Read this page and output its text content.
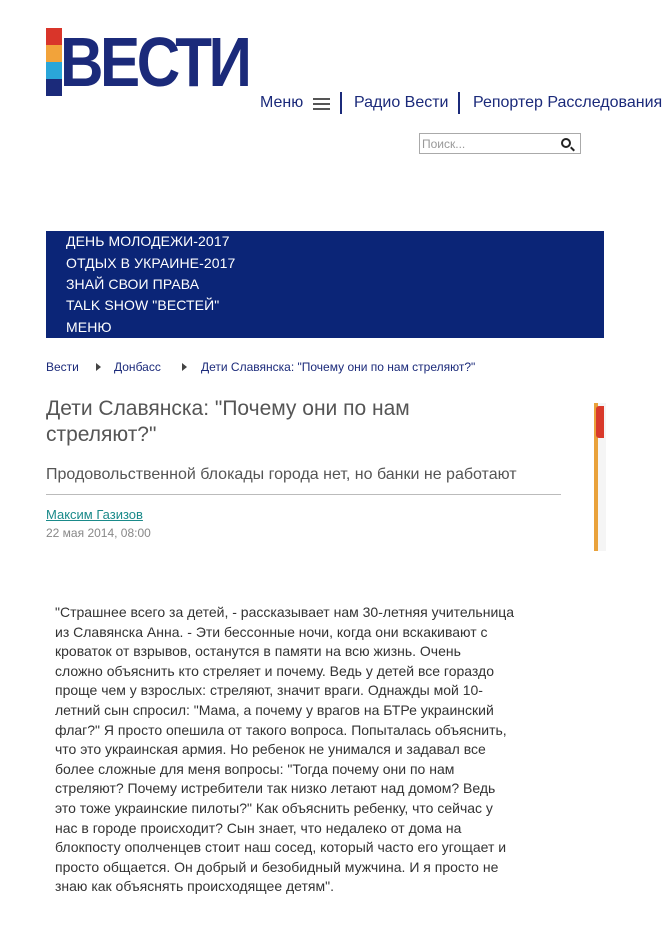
ВЕСТИ
Меню	Радио Вести Репортер Расследования
Поиск...
ДЕНЬ МОЛОДЕЖИ-2017
ОТДЫХ В УКРАИНЕ-2017
ЗНАЙ СВОИ ПРАВА
TALK SHOW "ВЕСТЕЙ"
МЕНЮ
Вести	Донбасс	Дети Славянска: "Почему они по нам стреляют?"
Дети Славянска: "Почему они по нам стреляют?"
Продовольственной блокады города нет, но банки не работают
Максим Газизов
22 мая 2014, 08:00
"Страшнее всего за детей, - рассказывает нам 30-летняя учительница
из Славянска Анна. - Эти бессонные ночи, когда они вскакивают с
кроваток от взрывов, останутся в памяти на всю жизнь. Очень
сложно объяснить кто стреляет и почему. Ведь у детей все гораздо
проще чем у взрослых: стреляют, значит враги. Однажды мой 10-
летний сын спросил: "Мама, а почему у врагов на БТРе украинский
флаг?" Я просто опешила от такого вопроса. Попыталась объяснить,
что это украинская армия. Но ребенок не унимался и задавал все
более сложные для меня вопросы: "Тогда почему они по нам
стреляют? Почему истребители так низко летают над домом? Ведь
это тоже украинские пилоты?" Как объяснить ребенку, что сейчас у
нас в городе происходит? Сын знает, что недалеко от дома на
блокпосту ополченцев стоит наш сосед, который часто его угощает и
просто общается. Он добрый и безобидный мужчина. И я просто не
знаю как объяснять происходящее детям".
